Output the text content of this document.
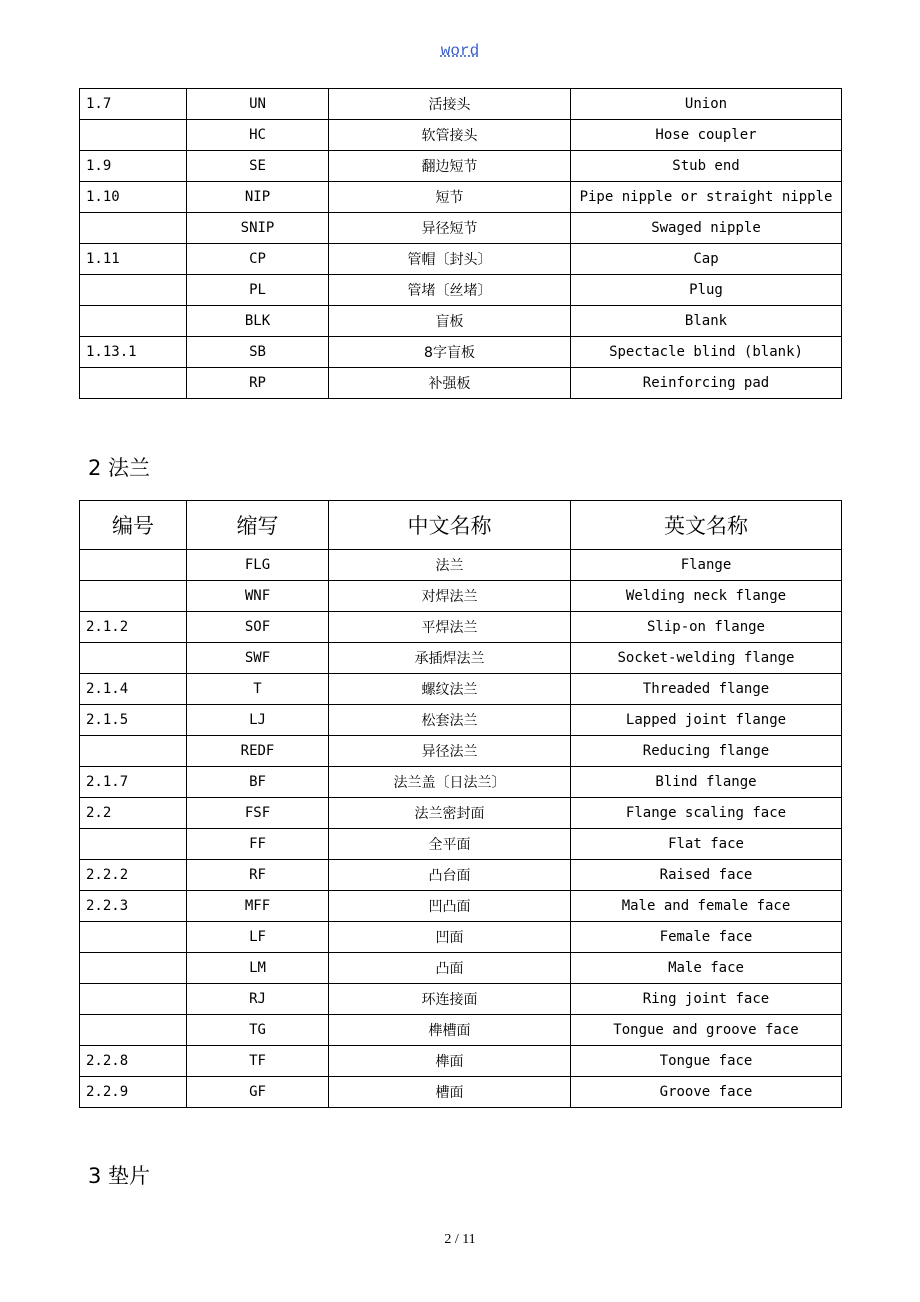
word
1.7	UN	活接头	Union
	HC	软管接头	Hose coupler
1.9	SE	翻边短节	Stub end
1.10	NIP	短节	Pipe nipple or straight nipple
	SNIP	异径短节	Swaged nipple
1.11	CP	管帽〔封头〕	Cap
	PL	管堵〔丝堵〕	Plug
	BLK	盲板	Blank
1.13.1	SB	8字盲板	Spectacle blind (blank)
	RP	补强板	Reinforcing pad
2 法兰
编号	缩写	中文名称	英文名称
	FLG	法兰	Flange
	WNF	对焊法兰	Welding neck flange
2.1.2	SOF	平焊法兰	Slip-on flange
	SWF	承插焊法兰	Socket-welding flange
2.1.4	T	螺纹法兰	Threaded flange
2.1.5	LJ	松套法兰	Lapped joint flange
	REDF	异径法兰	Reducing flange
2.1.7	BF	法兰盖〔日法兰〕	Blind flange
2.2	FSF	法兰密封面	Flange scaling face
	FF	全平面	Flat face
2.2.2	RF	凸台面	Raised face
2.2.3	MFF	凹凸面	Male and female face
	LF	凹面	Female face
	LM	凸面	Male face
	RJ	环连接面	Ring joint face
	TG	榫槽面	Tongue and groove face
2.2.8	TF	榫面	Tongue face
2.2.9	GF	槽面	Groove face
3 垫片
2 / 11
